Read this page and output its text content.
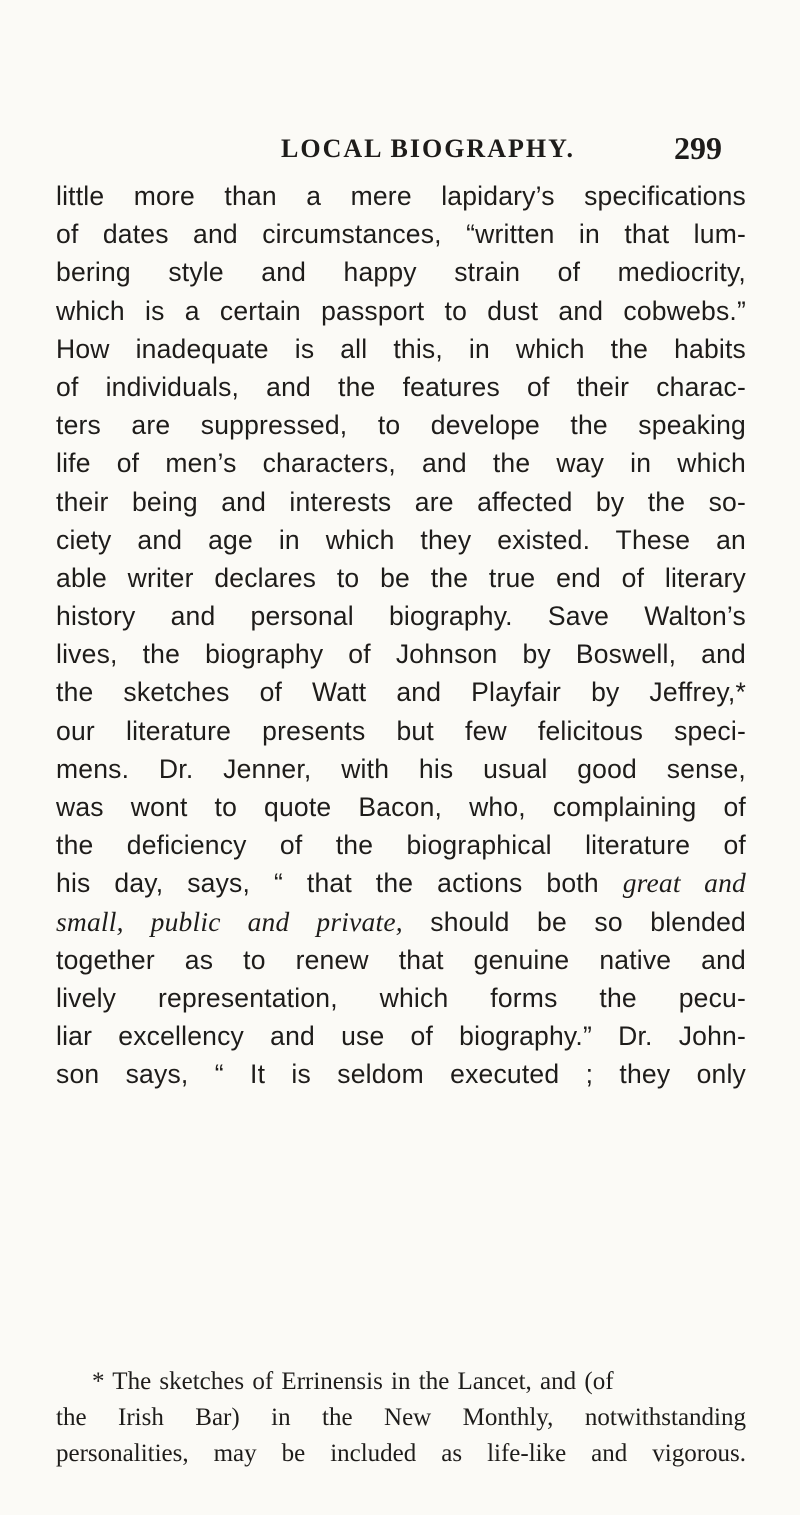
LOCAL BIOGRAPHY.	299
little more than a mere lapidary’s specifications
of dates and circumstances, “written in that lum-
bering style and happy strain of mediocrity,
which is a certain passport to dust and cobwebs.”
How inadequate is all this, in which the habits
of individuals, and the features of their charac-
ters are suppressed, to develope the speaking
life of men’s characters, and the way in which
their being and interests are affected by the so-
ciety and age in which they existed. These an
able writer declares to be the true end of literary
history and personal biography. Save Walton’s
lives, the biography of Johnson by Boswell, and
the sketches of Watt and Playfair by Jeffrey,*
our literature presents but few felicitous speci-
mens. Dr. Jenner, with his usual good sense,
was wont to quote Bacon, who, complaining of
the deficiency of the biographical literature of
his day, says, “ that the actions both great and
small, public and private, should be so blended
together as to renew that genuine native and
lively representation, which forms the pecu-
liar excellency and use of biography.” Dr. John-
son says, “ It is seldom executed ; they only
* The sketches of Errinensis in the Lancet, and (of
the Irish Bar) in the New Monthly, notwithstanding
personalities, may be included as life-like and vigorous.
